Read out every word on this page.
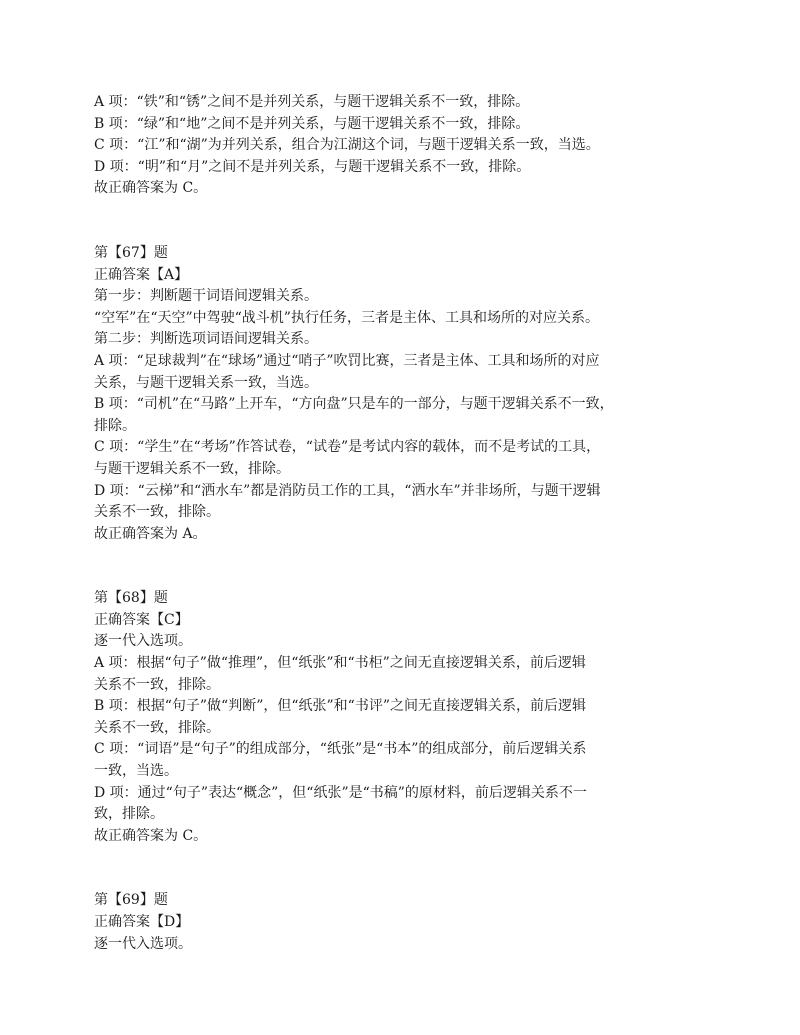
A 项：“铁”和“锈”之间不是并列关系，与题干逻辑关系不一致，排除。
B 项：“绿”和“地”之间不是并列关系，与题干逻辑关系不一致，排除。
C 项：“江”和“湖”为并列关系，组合为江湖这个词，与题干逻辑关系一致，当选。
D 项：“明”和“月”之间不是并列关系，与题干逻辑关系不一致，排除。
故正确答案为 C。
第【67】题
正确答案【A】
第一步：判断题干词语间逻辑关系。
“空军”在“天空”中驾驶“战斗机”执行任务，三者是主体、工具和场所的对应关系。
第二步：判断选项词语间逻辑关系。
A 项：“足球裁判”在“球场”通过“哨子”吹罚比赛，三者是主体、工具和场所的对应
关系，与题干逻辑关系一致，当选。
B 项：“司机”在“马路”上开车，“方向盘”只是车的一部分，与题干逻辑关系不一致，
排除。
C 项：“学生”在“考场”作答试卷，“试卷”是考试内容的载体，而不是考试的工具，
与题干逻辑关系不一致，排除。
D 项：“云梯”和“洒水车”都是消防员工作的工具，“洒水车”并非场所，与题干逻辑
关系不一致，排除。
故正确答案为 A。
第【68】题
正确答案【C】
逐一代入选项。
A 项：根据“句子”做“推理”，但“纸张”和“书柜”之间无直接逻辑关系，前后逻辑
关系不一致，排除。
B 项：根据“句子”做“判断”，但“纸张”和“书评”之间无直接逻辑关系，前后逻辑
关系不一致，排除。
C 项：“词语”是“句子”的组成部分，“纸张”是“书本”的组成部分，前后逻辑关系
一致，当选。
D 项：通过“句子”表达“概念”，但“纸张”是“书稿”的原材料，前后逻辑关系不一
致，排除。
故正确答案为 C。
第【69】题
正确答案【D】
逐一代入选项。
